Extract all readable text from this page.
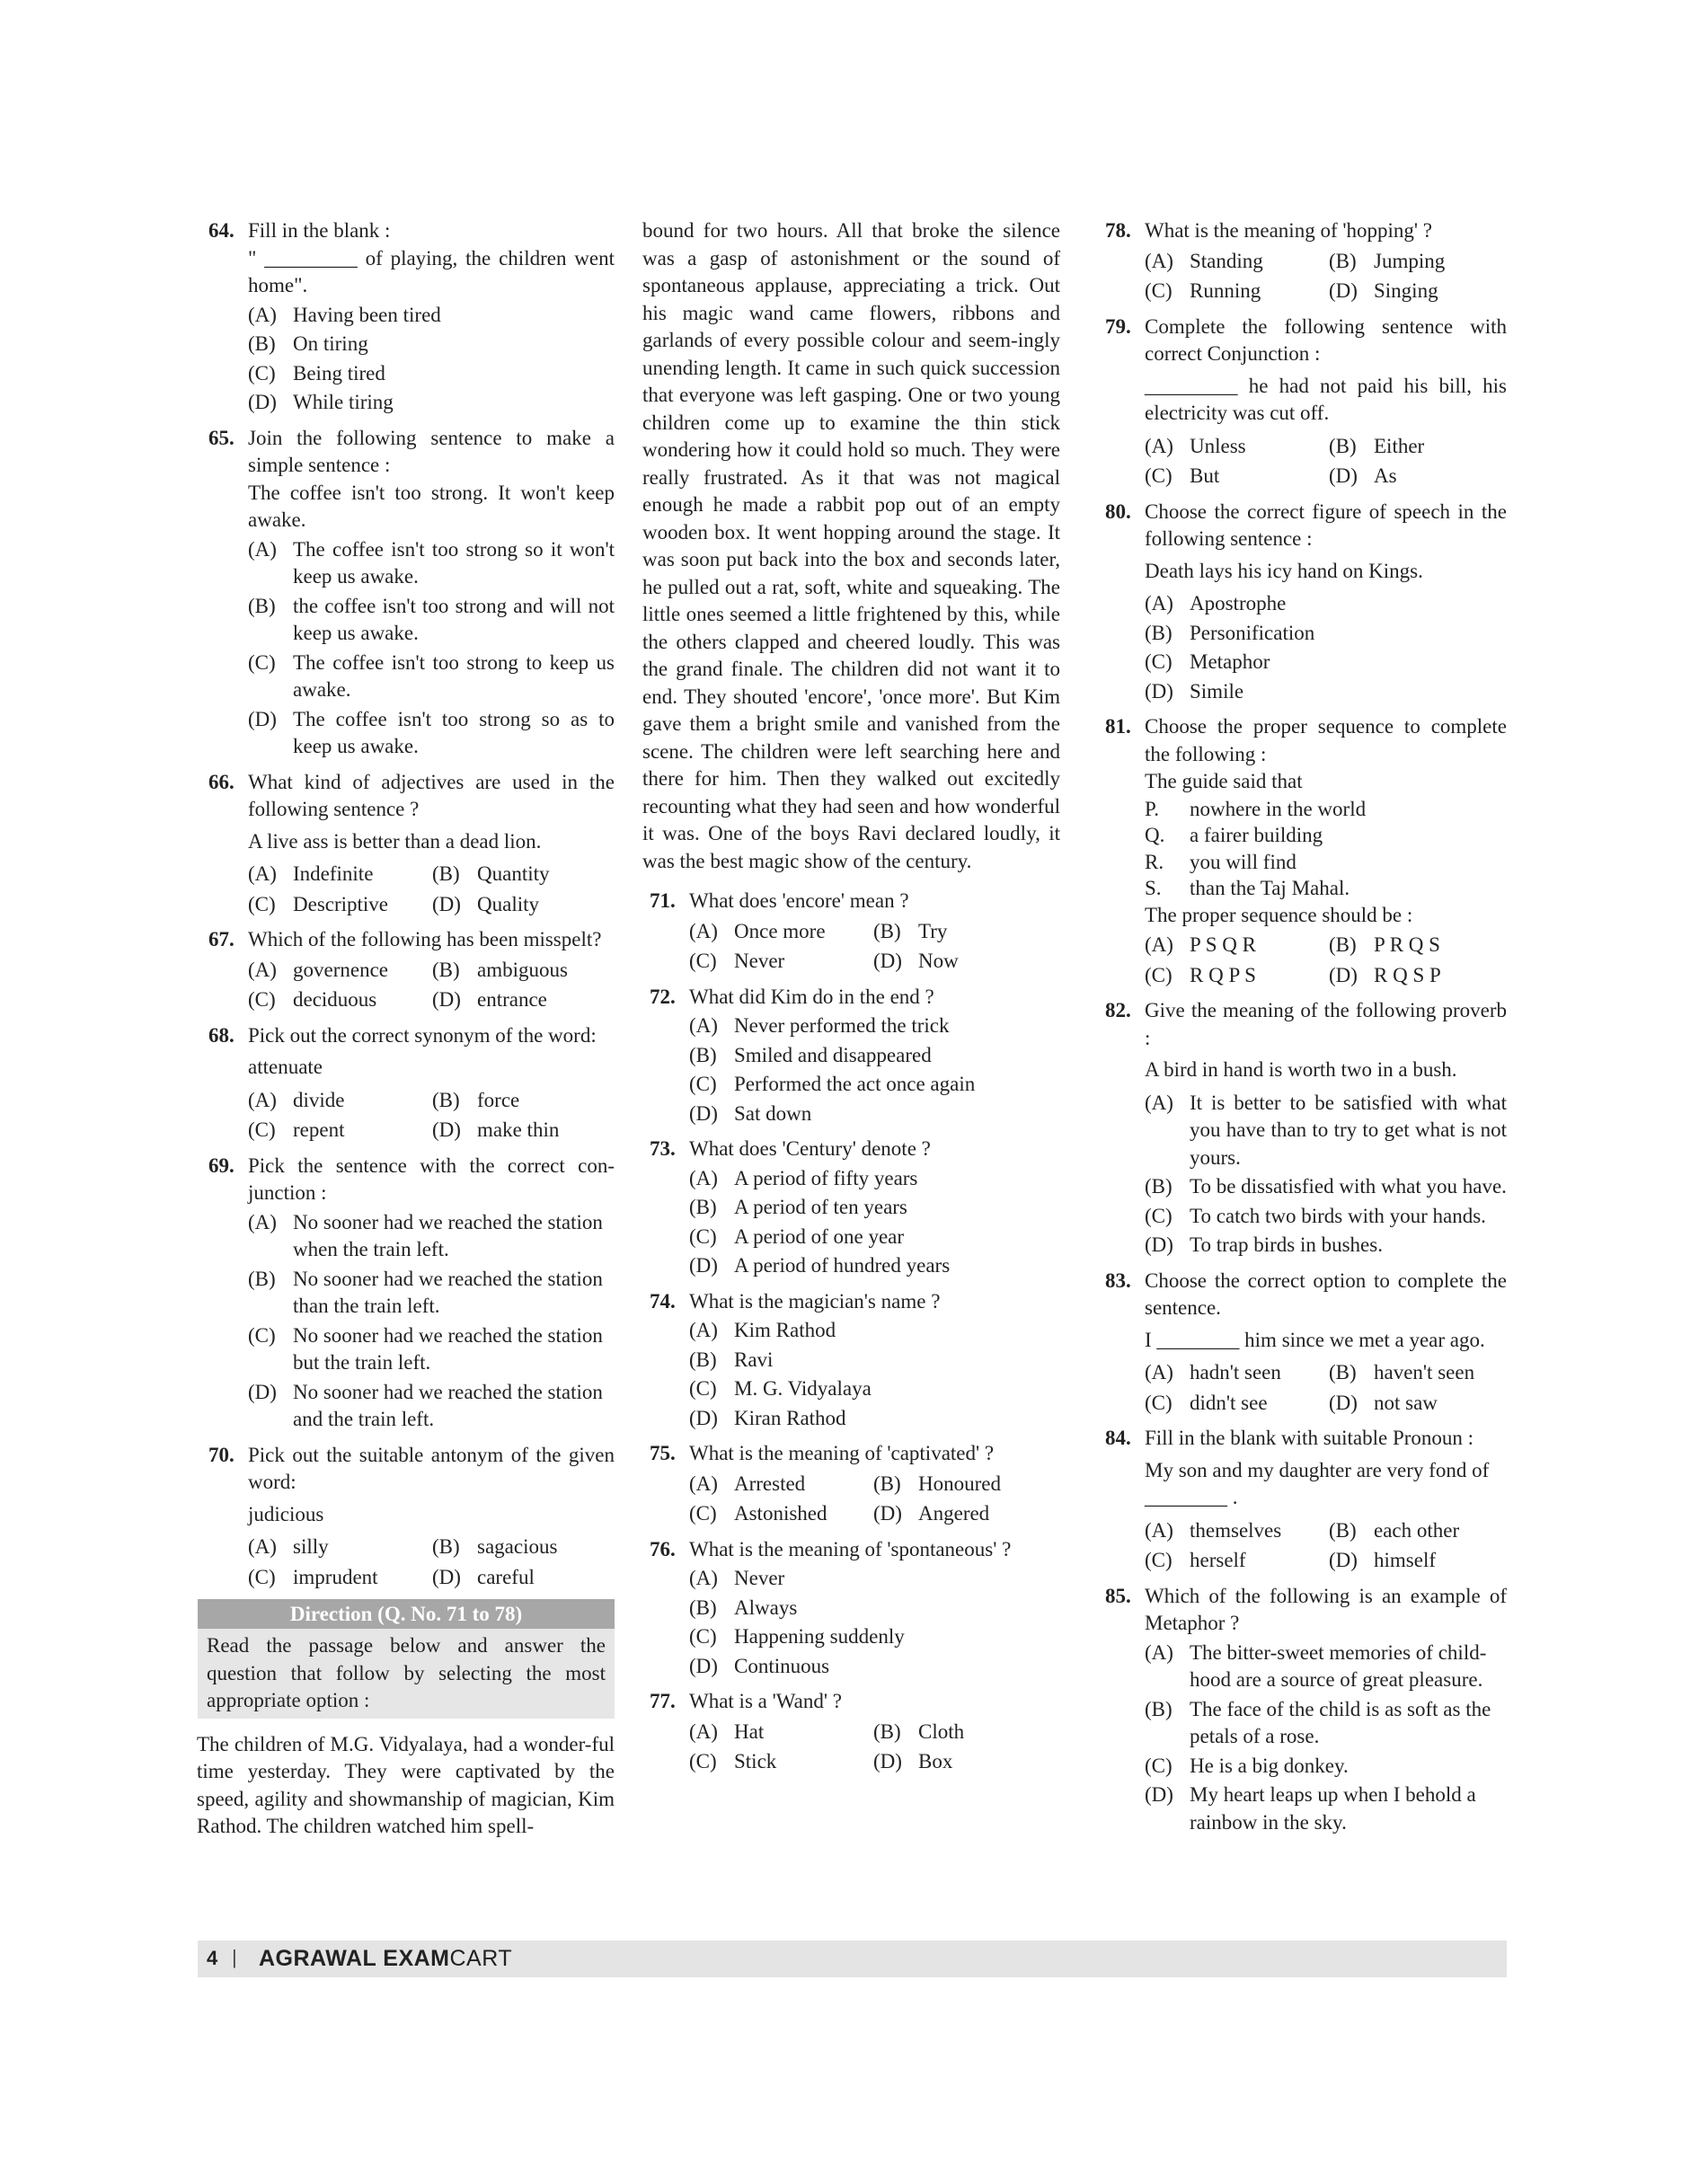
64. Fill in the blank :
" _________ of playing, the children went home".
(A) Having been tired
(B) On tiring
(C) Being tired
(D) While tiring
65. Join the following sentence to make a simple sentence :
The coffee isn't too strong. It won't keep awake.
(A) The coffee isn't too strong so it won't keep us awake.
(B) the coffee isn't too strong and will not keep us awake.
(C) The coffee isn't too strong to keep us awake.
(D) The coffee isn't too strong so as to keep us awake.
66. What kind of adjectives are used in the following sentence ?
A live ass is better than a dead lion.
(A) Indefinite	(B) Quantity
(C) Descriptive	(D) Quality
67. Which of the following has been misspelt?
(A) governence	(B) ambiguous
(C) deciduous	(D) entrance
68. Pick out the correct synonym of the word:
attenuate
(A) divide	(B) force
(C) repent	(D) make thin
69. Pick the sentence with the correct con-junction :
(A) No sooner had we reached the station when the train left.
(B) No sooner had we reached the station than the train left.
(C) No sooner had we reached the station but the train left.
(D) No sooner had we reached the station and the train left.
70. Pick out the suitable antonym of the given word:
judicious
(A) silly	(B) sagacious
(C) imprudent	(D) careful
Direction (Q. No. 71 to 78)
Read the passage below and answer the question that follow by selecting the most appropriate option :
The children of M.G. Vidyalaya, had a wonder-ful time yesterday. They were captivated by the speed, agility and showmanship of magician, Kim Rathod. The children watched him spell-
bound for two hours. All that broke the silence was a gasp of astonishment or the sound of spontaneous applause, appreciating a trick. Out his magic wand came flowers, ribbons and garlands of every possible colour and seem-ingly unending length. It came in such quick succession that everyone was left gasping. One or two young children come up to examine the thin stick wondering how it could hold so much. They were really frustrated. As it that was not magical enough he made a rabbit pop out of an empty wooden box. It went hopping around the stage. It was soon put back into the box and seconds later, he pulled out a rat, soft, white and squeaking. The little ones seemed a little frightened by this, while the others clapped and cheered loudly. This was the grand finale. The children did not want it to end. They shouted 'encore', 'once more'. But Kim gave them a bright smile and vanished from the scene. The children were left searching here and there for him. Then they walked out excitedly recounting what they had seen and how wonderful it was. One of the boys Ravi declared loudly, it was the best magic show of the century.
71. What does 'encore' mean ?
(A) Once more	(B) Try
(C) Never	(D) Now
72. What did Kim do in the end ?
(A) Never performed the trick
(B) Smiled and disappeared
(C) Performed the act once again
(D) Sat down
73. What does 'Century' denote ?
(A) A period of fifty years
(B) A period of ten years
(C) A period of one year
(D) A period of hundred years
74. What is the magician's name ?
(A) Kim Rathod
(B) Ravi
(C) M. G. Vidyalaya
(D) Kiran Rathod
75. What is the meaning of 'captivated' ?
(A) Arrested	(B) Honoured
(C) Astonished	(D) Angered
76. What is the meaning of 'spontaneous' ?
(A) Never
(B) Always
(C) Happening suddenly
(D) Continuous
77. What is a 'Wand' ?
(A) Hat	(B) Cloth
(C) Stick	(D) Box
78. What is the meaning of 'hopping' ?
(A) Standing	(B) Jumping
(C) Running	(D) Singing
79. Complete the following sentence with correct Conjunction :
_________ he had not paid his bill, his electricity was cut off.
(A) Unless	(B) Either
(C) But	(D) As
80. Choose the correct figure of speech in the following sentence :
Death lays his icy hand on Kings.
(A) Apostrophe
(B) Personification
(C) Metaphor
(D) Simile
81. Choose the proper sequence to complete the following :
The guide said that
P. nowhere in the world
Q. a fairer building
R. you will find
S. than the Taj Mahal.
The proper sequence should be :
(A) P S Q R	(B) P R Q S
(C) R Q P S	(D) R Q S P
82. Give the meaning of the following proverb :
A bird in hand is worth two in a bush.
(A) It is better to be satisfied with what you have than to try to get what is not yours.
(B) To be dissatisfied with what you have.
(C) To catch two birds with your hands.
(D) To trap birds in bushes.
83. Choose the correct option to complete the sentence.
I ________ him since we met a year ago.
(A) hadn't seen	(B) haven't seen
(C) didn't see	(D) not saw
84. Fill in the blank with suitable Pronoun :
My son and my daughter are very fond of ________ .
(A) themselves	(B) each other
(C) herself	(D) himself
85. Which of the following is an example of Metaphor ?
(A) The bitter-sweet memories of child-hood are a source of great pleasure.
(B) The face of the child is as soft as the petals of a rose.
(C) He is a big donkey.
(D) My heart leaps up when I behold a rainbow in the sky.
4 | AGRAWAL EXAMCART
